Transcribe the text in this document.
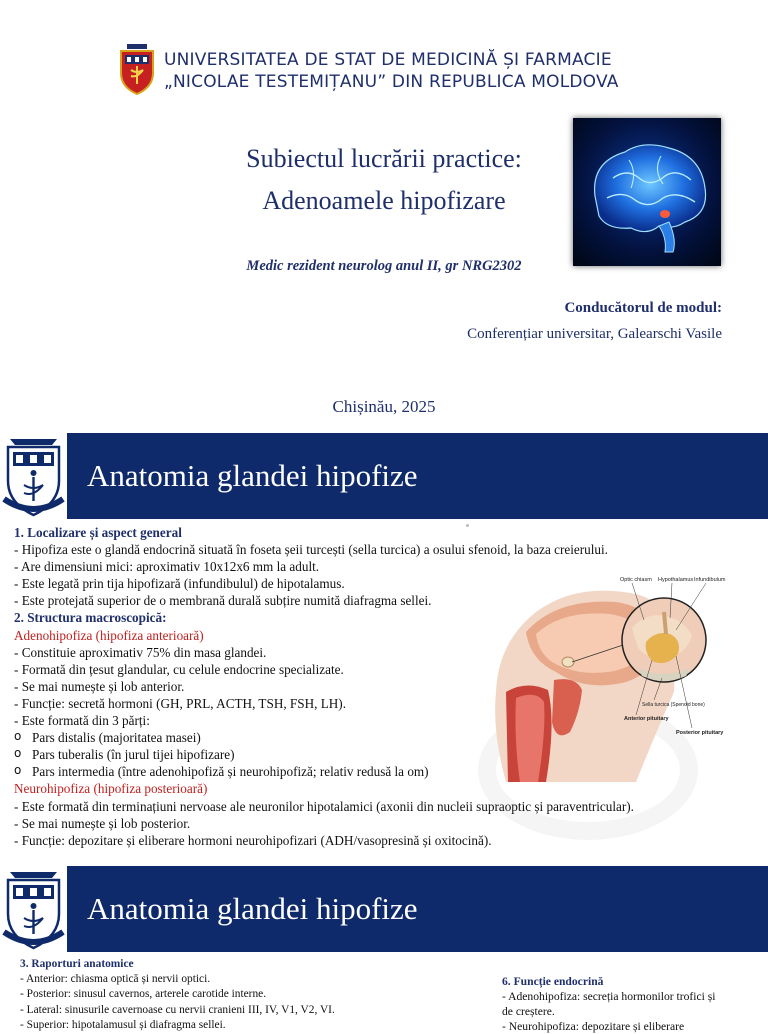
UNIVERSITATEA DE STAT DE MEDICINĂ ȘI FARMACIE
„NICOLAE TESTEMIȚANU” DIN REPUBLICA MOLDOVA
Subiectul lucrării practice:
Adenoamele hipofizare
Medic rezident neurolog anul II, gr NRG2302
Conducătorul de modul:
Conferențiar universitar, Galearschi Vasile
Chișinău, 2025
Anatomia glandei hipofize
1. Localizare și aspect general
- Hipofiza este o glandă endocrină situată în foseta șeii turcești (sella turcica) a osului sfenoid, la baza creierului.
- Are dimensiuni mici: aproximativ 10x12x6 mm la adult.
- Este legată prin tija hipofizară (infundibulul) de hipotalamus.
- Este protejată superior de o membrană durală subțire numită diafragma sellei.
2. Structura macroscopică:
Adenohipofiza (hipofiza anterioară)
- Constituie aproximativ 75% din masa glandei.
- Formată din țesut glandular, cu celule endocrine specializate.
- Se mai numește și lob anterior.
- Funcție: secretă hormoni (GH, PRL, ACTH, TSH, FSH, LH).
- Este formată din 3 părți:
o Pars distalis (majoritatea masei)
o Pars tuberalis (în jurul tijei hipofizare)
o Pars intermedia (între adenohipofiză și neurohipofiză; relativ redusă la om)
Neurohipofiza (hipofiza posterioară)
- Este formată din terminațiuni nervoase ale neuronilor hipotalamici (axonii din nucleii supraoptic și paraventricular).
- Se mai numește și lob posterior.
- Funcție: depozitare și eliberare hormoni neurohipofizari (ADH/vasopresină și oxitocină).
Optic chiasm Hypothalamus Infundibulum
Sella turcica (Spenoid bone)
Anterior pituitary
Posterior pituitary
Anatomia glandei hipofize
3. Raporturi anatomice
- Anterior: chiasma optică și nervii optici.
- Posterior: sinusul cavernos, arterele carotide interne.
- Lateral: sinusurile cavernoase cu nervii cranieni III, IV, V1, V2, VI.
- Superior: hipotalamusul și diafragma sellei.
6. Funcție endocrină
- Adenohipofiza: secreția hormonilor trofici și
de creștere.
- Neurohipofiza: depozitare și eliberare
